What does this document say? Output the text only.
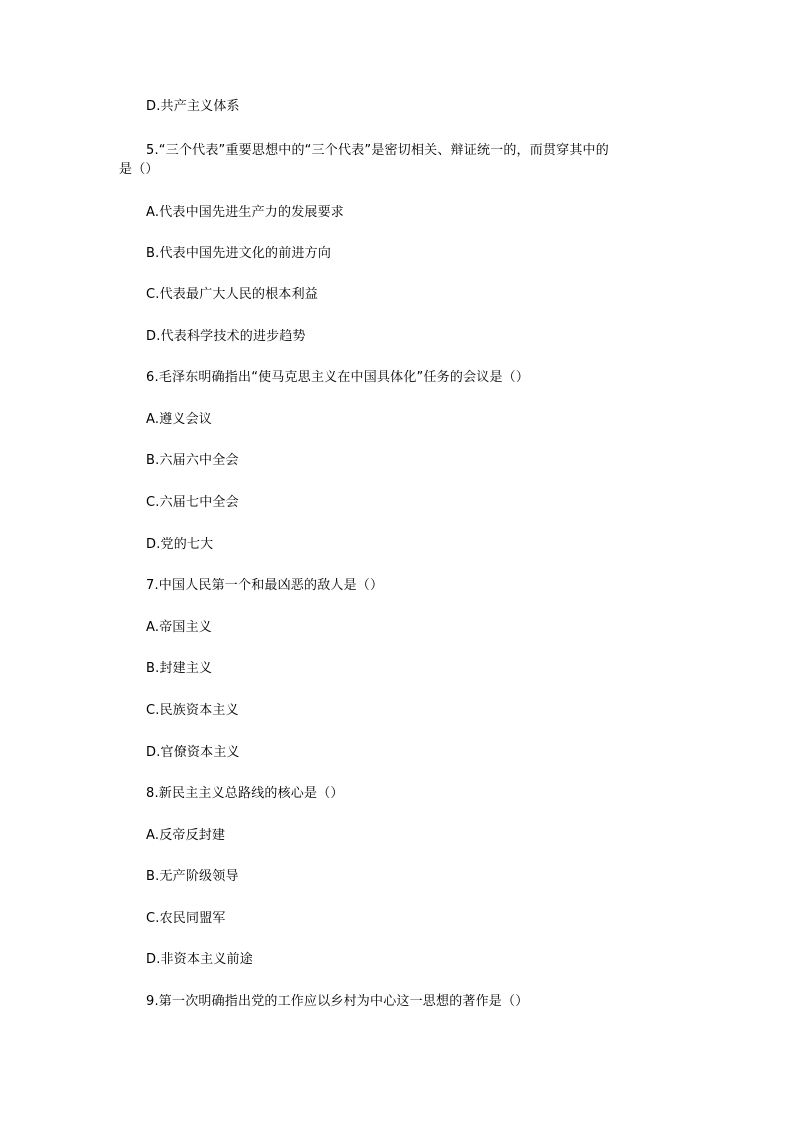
D.共产主义体系
5.“三个代表”重要思想中的“三个代表”是密切相关、辩证统一的，而贯穿其中的
是（）
A.代表中国先进生产力的发展要求
B.代表中国先进文化的前进方向
C.代表最广大人民的根本利益
D.代表科学技术的进步趋势
6.毛泽东明确指出“使马克思主义在中国具体化”任务的会议是（）
A.遵义会议
B.六届六中全会
C.六届七中全会
D.党的七大
7.中国人民第一个和最凶恶的敌人是（）
A.帝国主义
B.封建主义
C.民族资本主义
D.官僚资本主义
8.新民主主义总路线的核心是（）
A.反帝反封建
B.无产阶级领导
C.农民同盟军
D.非资本主义前途
9.第一次明确指出党的工作应以乡村为中心这一思想的著作是（）
